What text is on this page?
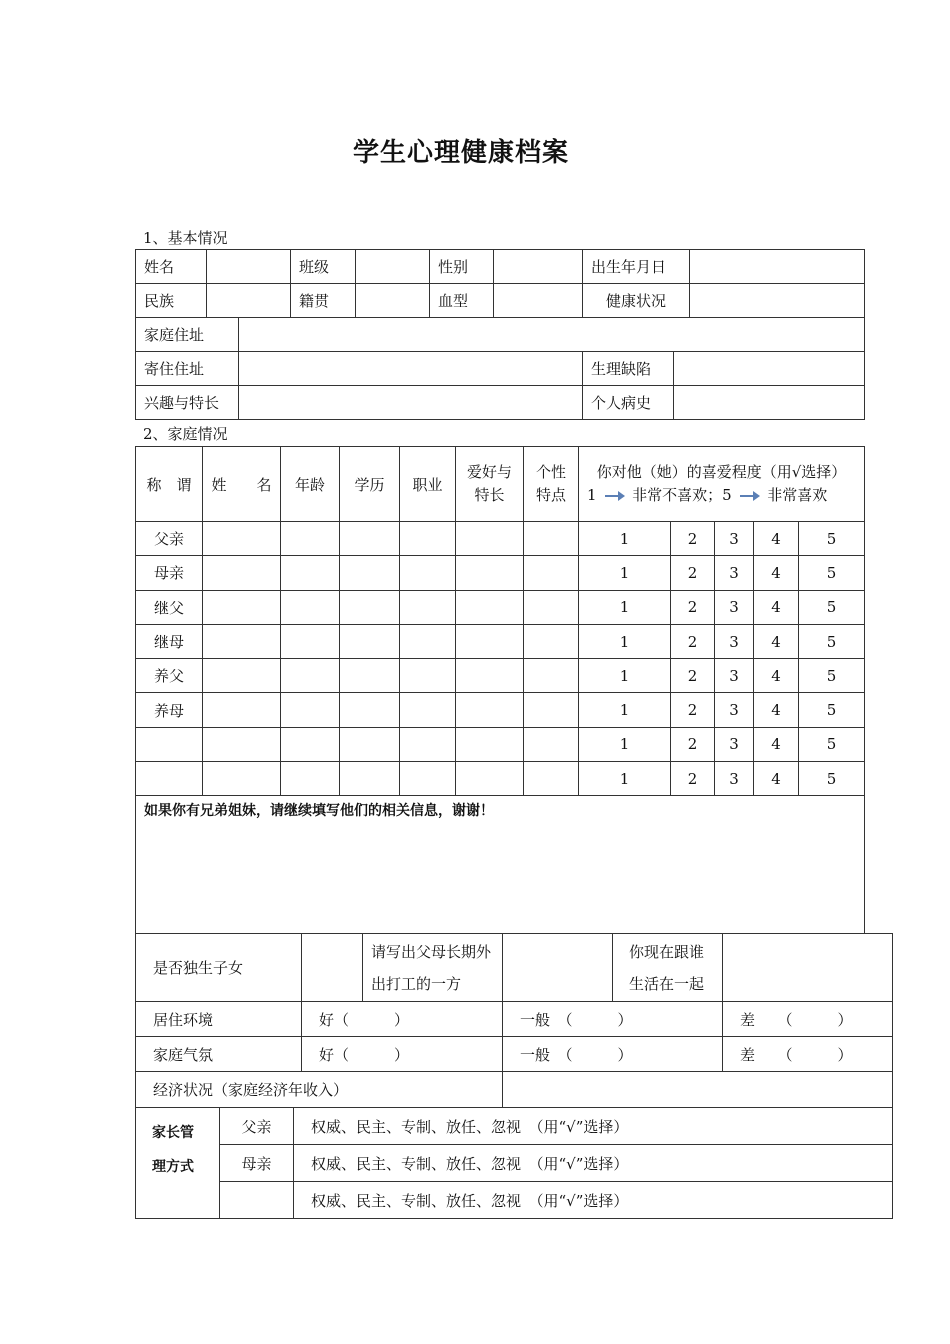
学生心理健康档案
1、基本情况
姓名			班级		性别		出生年月日		
民族			籍贯		血型		健康状况		
家庭住址									
寄住住址							生理缺陷		
兴趣与特长							个人病史		
2、家庭情况
称　谓	姓　　名	年龄	学历	职业	爱好与特长	个性特点	你对他（她）的喜爱程度（用√选择）
1 非常不喜欢；5 非常喜欢				

父亲							1	2	3	4	5
母亲							1	2	3	4	5
继父							1	2	3	4	5
继母							1	2	3	4	5
养父							1	2	3	4	5
养母							1	2	3	4	5
							1	2	3	4	5
							1	2	3	4	5
如果你有兄弟姐妹，请继续填写他们的相关信息，谢谢！											
是否独生子女		请写出父母长期外出打工的一方		你现在跟谁生活在一起	
居住环境	好（　　　）		一般　（　　　）		差　　（　　　）
家庭气氛	好（　　　）		一般　（　　　）		差　　（　　　）
经济状况（家庭经济年收入）					
家长管理方式	父亲	权威、民主、专制、放任、忽视　（用“√”选择）
	母亲	权威、民主、专制、放任、忽视　（用“√”选择）
		权威、民主、专制、放任、忽视　（用“√”选择）
